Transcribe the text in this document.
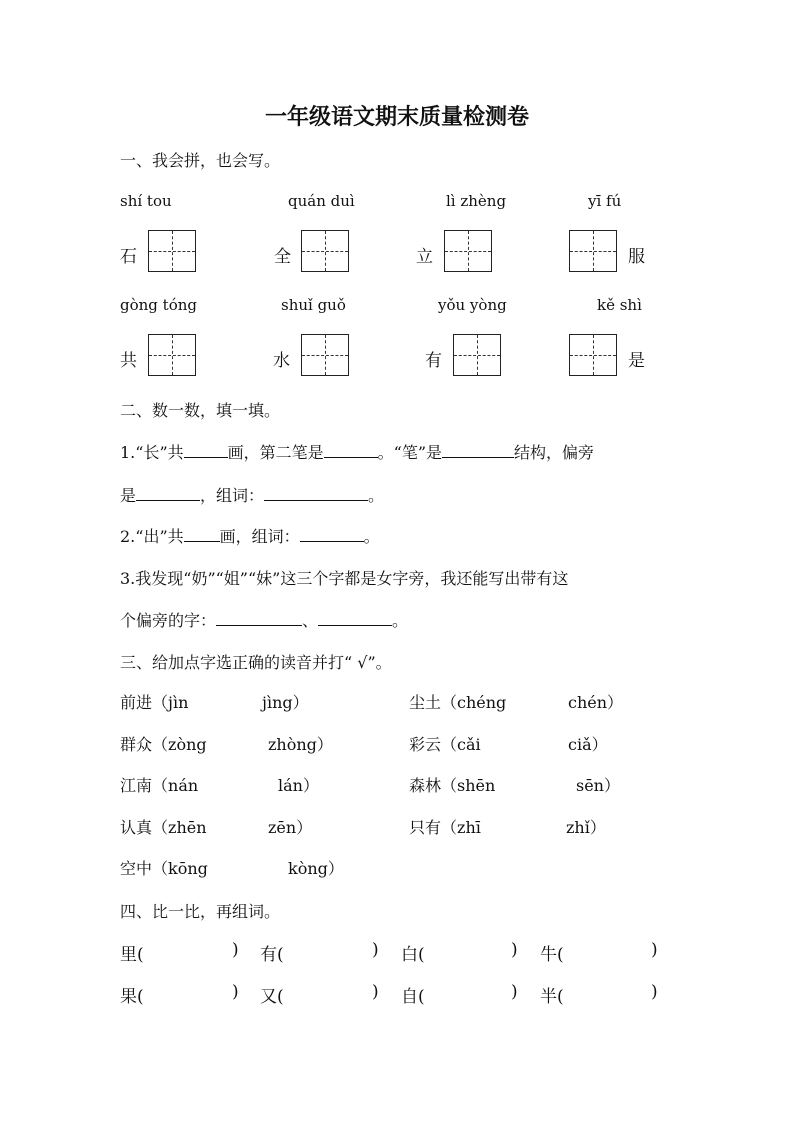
一年级语文期末质量检测卷
一、我会拼，也会写。
shí tou	quán duì	lì zhèng	yī fú
石	全	立	服
gòng tóng	shuǐ guǒ	yǒu yòng	kě shì
共	水	有	是
二、数一数，填一填。
1.“长”共	画，第二笔是	。“笔”是	结构，偏旁
是	，组词：	。
2.“出”共 画，组词：	。
3.我发现“奶”“姐”“妹”这三个字都是女字旁，我还能写出带有这
个偏旁的字：	、	。
三、给加点字选正确的读音并打“ √”。
前进（jìn	jìng）	尘土（chéng	chén）
群众（zòng	zhòng）	彩云（cǎi	ciǎ）
江南（nán	lán）	森林（shēn	sēn）
认真（zhēn	zēn）	只有（zhī	zhǐ）
空中（kōng	kòng）
四、比一比，再组词。
里(	) 有(	) 白(	) 牛(	)
果(	) 又(	) 自(	) 半(	)
